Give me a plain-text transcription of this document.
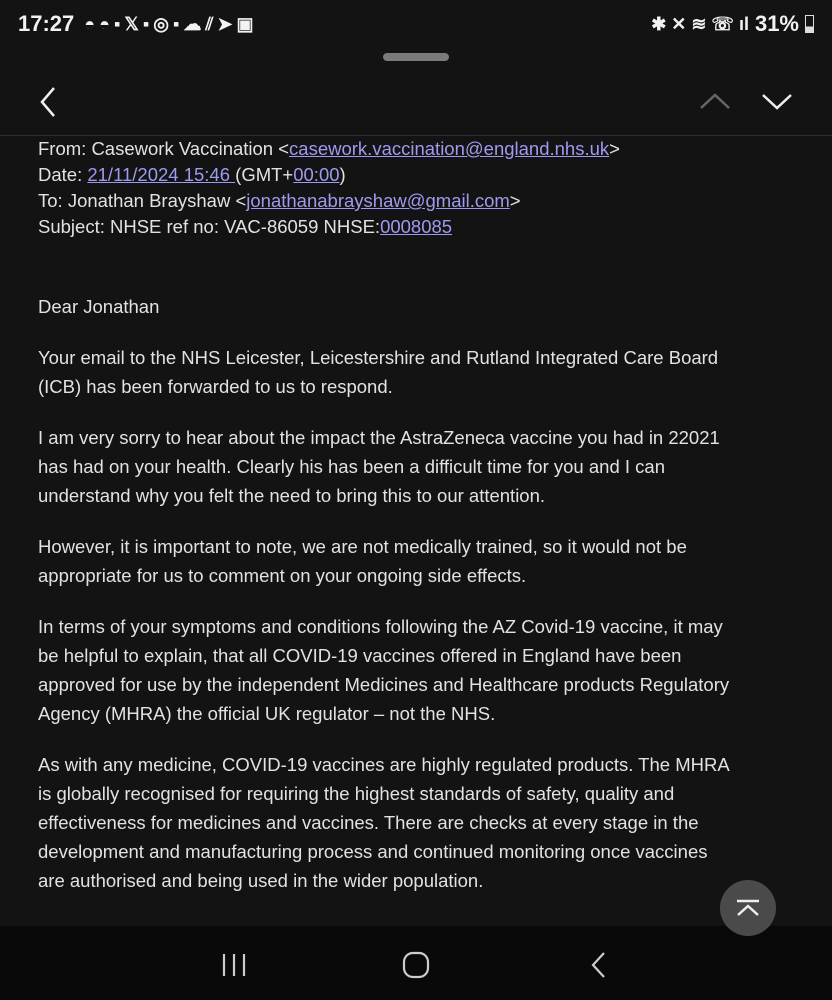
17:27 ◓◓▪𝕏▪◎▪☁⫽➤▣	✱ ✕ ≋ ☏ ıl 31%
From: Casework Vaccination <casework.vaccination@england.nhs.uk>
Date: 21/11/2024 15:46 (GMT+00:00)
To: Jonathan Brayshaw <jonathanabrayshaw@gmail.com>
Subject: NHSE ref no: VAC-86059 NHSE:0008085
Dear Jonathan
Your email to the NHS Leicester, Leicestershire and Rutland Integrated Care Board
(ICB) has been forwarded to us to respond.
I am very sorry to hear about the impact the AstraZeneca vaccine you had in 22021
has had on your health. Clearly his has been a difficult time for you and I can
understand why you felt the need to bring this to our attention.
However, it is important to note, we are not medically trained, so it would not be
appropriate for us to comment on your ongoing side effects.
In terms of your symptoms and conditions following the AZ Covid-19 vaccine, it may
be helpful to explain, that all COVID-19 vaccines offered in England have been
approved for use by the independent Medicines and Healthcare products Regulatory
Agency (MHRA) the official UK regulator – not the NHS.
As with any medicine, COVID-19 vaccines are highly regulated products. The MHRA
is globally recognised for requiring the highest standards of safety, quality and
effectiveness for medicines and vaccines. There are checks at every stage in the
development and manufacturing process and continued monitoring once vaccines
are authorised and being used in the wider population.
